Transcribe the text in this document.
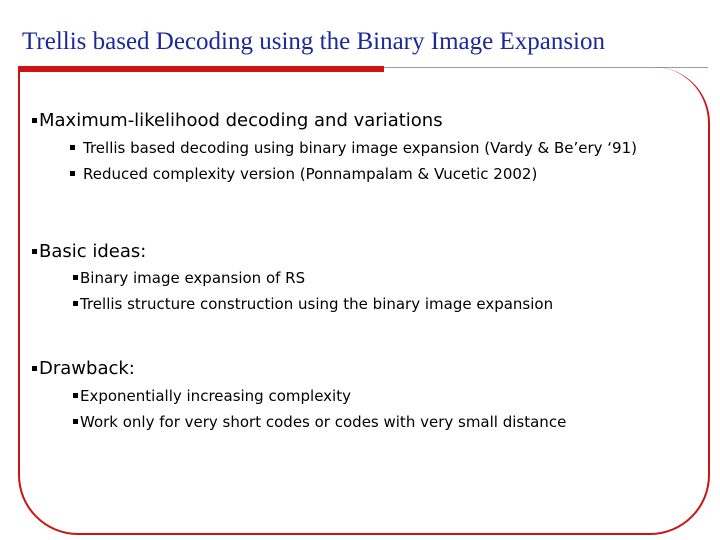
Trellis based Decoding using the Binary Image Expansion
Maximum-likelihood decoding and variations
Trellis based decoding using binary image expansion (Vardy & Be’ery ‘91)
Reduced complexity version (Ponnampalam & Vucetic 2002)
Basic ideas:
Binary image expansion of RS
Trellis structure construction using the binary image expansion
Drawback:
Exponentially increasing complexity
Work only for very short codes or codes with very small distance
